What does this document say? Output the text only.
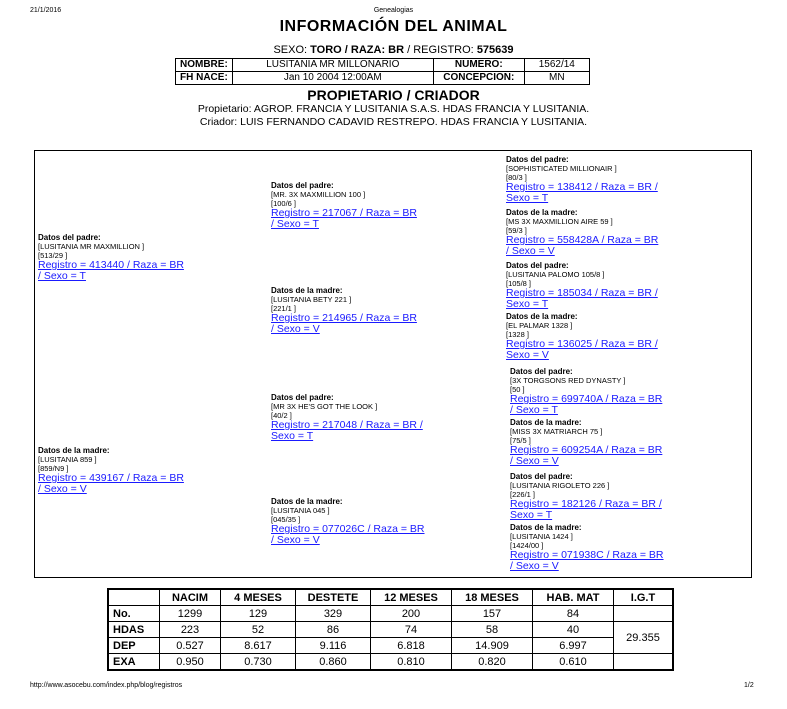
21/1/2016	Genealogias
INFORMACIÓN DEL ANIMAL
SEXO: TORO / RAZA: BR / REGISTRO: 575639
NOMBRE:	LUSITANIA MR MILLONARIO	NUMERO:	1562/14
FH NACE:	Jan 10 2004 12:00AM	CONCEPCION:	MN
PROPIETARIO / CRIADOR
Propietario: AGROP. FRANCIA Y LUSITANIA S.A.S. HDAS FRANCIA Y LUSITANIA.
Criador: LUIS FERNANDO CADAVID RESTREPO. HDAS FRANCIA Y LUSITANIA.
Datos del padre:
[LUSITANIA MR MAXMILLION ]
[513/29 ]
Registro = 413440 / Raza = BR
/ Sexo = T
Datos de la madre:
[LUSITANIA 859 ]
[859/N9 ]
Registro = 439167 / Raza = BR
/ Sexo = V
Datos del padre:
[MR. 3X MAXMILLION 100 ]
[100/6 ]
Registro = 217067 / Raza = BR
/ Sexo = T
Datos de la madre:
[LUSITANIA BETY 221 ]
[221/1 ]
Registro = 214965 / Raza = BR
/ Sexo = V
Datos del padre:
[MR 3X HE'S GOT THE LOOK ]
[40/2 ]
Registro = 217048 / Raza = BR /
Sexo = T
Datos de la madre:
[LUSITANIA 045 ]
[045/35 ]
Registro = 077026C / Raza = BR
/ Sexo = V
Datos del padre:
[SOPHISTICATED MILLIONAIR ]
[80/3 ]
Registro = 138412 / Raza = BR /
Sexo = T
Datos de la madre:
[MS 3X MAXMILLION AIRE 59 ]
[59/3 ]
Registro = 558428A / Raza = BR
/ Sexo = V
Datos del padre:
[LUSITANIA PALOMO 105/8 ]
[105/8 ]
Registro = 185034 / Raza = BR /
Sexo = T
Datos de la madre:
[EL PALMAR 1328 ]
[1328 ]
Registro = 136025 / Raza = BR /
Sexo = V
Datos del padre:
[3X TORGSONS RED DYNASTY ]
[50 ]
Registro = 699740A / Raza = BR
/ Sexo = T
Datos de la madre:
[MISS 3X MATRIARCH 75 ]
[75/5 ]
Registro = 609254A / Raza = BR
/ Sexo = V
Datos del padre:
[LUSITANIA RIGOLETO 226 ]
[226/1 ]
Registro = 182126 / Raza = BR /
Sexo = T
Datos de la madre:
[LUSITANIA 1424 ]
[1424/00 ]
Registro = 071938C / Raza = BR
/ Sexo = V
	NACIM	4 MESES	DESTETE	12 MESES	18 MESES	HAB. MAT	I.G.T
No.	1299	129	329	200	157	84	
HDAS	223	52	86	74	58	40	29.355
DEP	0.527	8.617	9.116	6.818	14.909	6.997	
EXA	0.950	0.730	0.860	0.810	0.820	0.610	
http://www.asocebu.com/index.php/blog/registros	1/2
